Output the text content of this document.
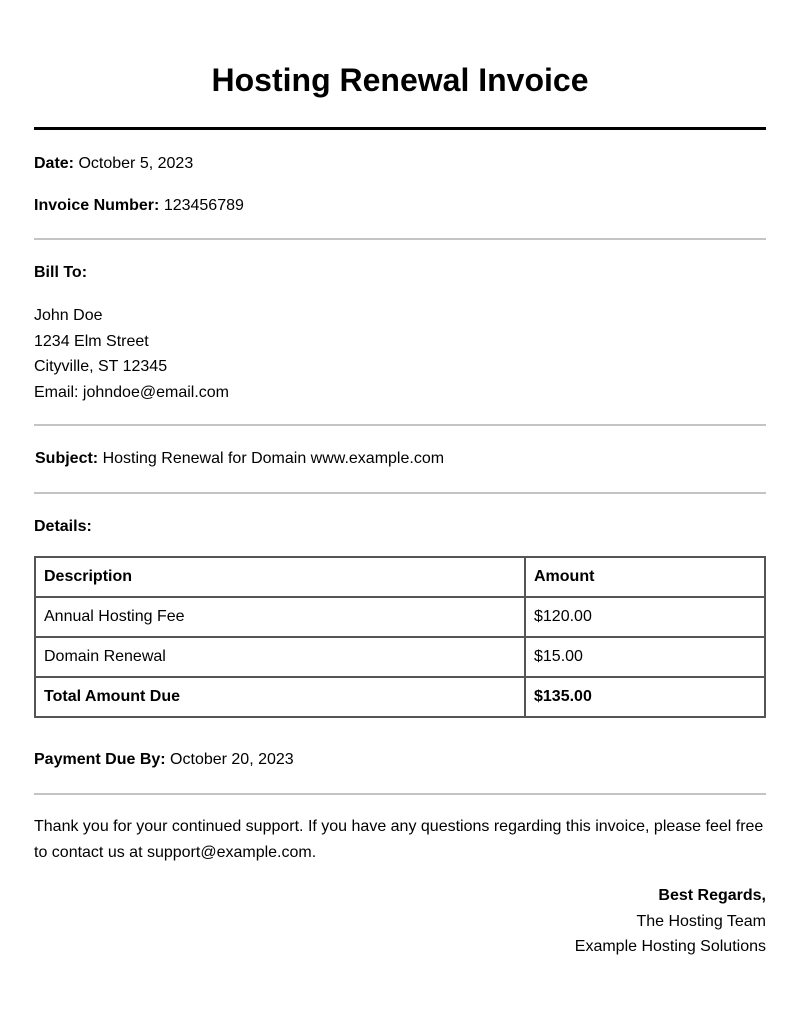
Hosting Renewal Invoice
Date: October 5, 2023
Invoice Number: 123456789
Bill To:
John Doe
1234 Elm Street
Cityville, ST 12345
Email: johndoe@email.com
Subject: Hosting Renewal for Domain www.example.com
Details:
Description	Amount
Annual Hosting Fee	$120.00
Domain Renewal	$15.00
Total Amount Due	$135.00
Payment Due By: October 20, 2023
Thank you for your continued support. If you have any questions regarding this invoice, please feel free to contact us at support@example.com.
Best Regards,
The Hosting Team
Example Hosting Solutions
